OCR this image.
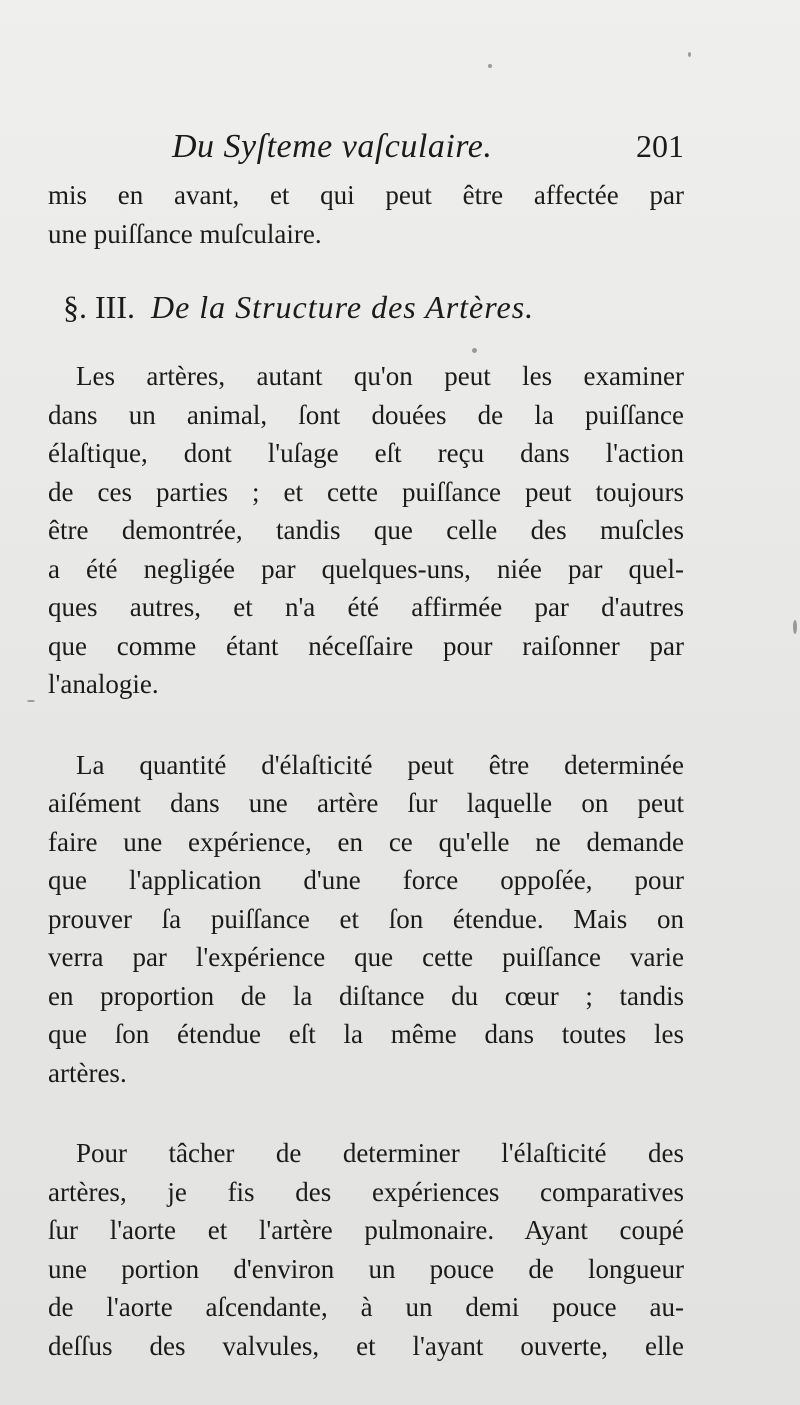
Du Syſteme vaſculaire.	201
mis en avant, et qui peut être affectée par
une puiſſance muſculaire.
§. III. De la Structure des Artères.
Les artères, autant qu'on peut les examiner
dans un animal, ſont douées de la puiſſance
élaſtique, dont l'uſage eſt reçu dans l'action
de ces parties ; et cette puiſſance peut toujours
être demontrée, tandis que celle des muſcles
a été negligée par quelques-uns, niée par quel-
ques autres, et n'a été affirmée par d'autres
que comme étant néceſſaire pour raiſonner par
l'analogie.
La quantité d'élaſticité peut être determinée
aiſément dans une artère ſur laquelle on peut
faire une expérience, en ce qu'elle ne demande
que l'application d'une force oppoſée, pour
prouver ſa puiſſance et ſon étendue. Mais on
verra par l'expérience que cette puiſſance varie
en proportion de la diſtance du cœur ; tandis
que ſon étendue eſt la même dans toutes les
artères.
Pour tâcher de determiner l'élaſticité des
artères, je fis des expériences comparatives
ſur l'aorte et l'artère pulmonaire. Ayant coupé
une portion d'environ un pouce de longueur
de l'aorte aſcendante, à un demi pouce au-
deſſus des valvules, et l'ayant ouverte, elle
